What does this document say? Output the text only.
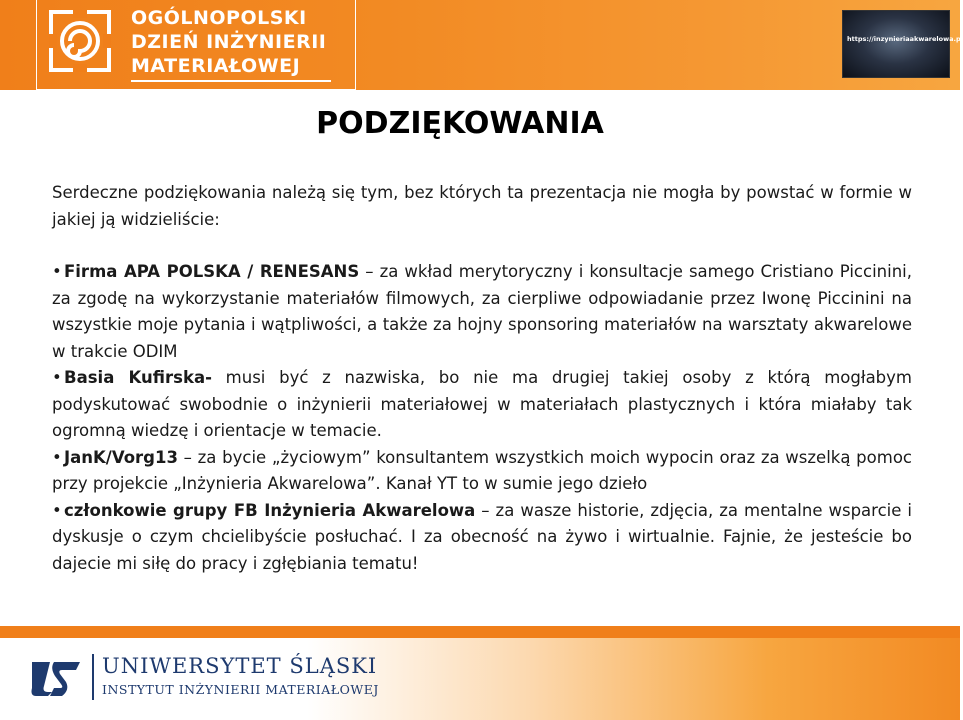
OGÓLNOPOLSKI
DZIEŃ INŻYNIERII
MATERIAŁOWEJ
https://inzynieriaakwarelowa.pl
PODZIĘKOWANIA

Serdeczne podziękowania należą się tym, bez których ta prezentacja nie mogła by powstać w formie w jakiej ją widzieliście:

• Firma APA POLSKA / RENESANS – za wkład merytoryczny i konsultacje samego Cristiano Piccinini, za zgodę na wykorzystanie materiałów filmowych, za cierpliwe odpowiadanie przez Iwonę Piccinini na wszystkie moje pytania i wątpliwości, a także za hojny sponsoring materiałów na warsztaty akwarelowe w trakcie ODIM
• Basia Kufirska- musi być z nazwiska, bo nie ma drugiej takiej osoby z którą mogłabym podyskutować swobodnie o inżynierii materiałowej w materiałach plastycznych i która miałaby tak ogromną wiedzę i orientacje w temacie.
• JanK/Vorg13 – za bycie „życiowym” konsultantem wszystkich moich wypocin oraz za wszelką pomoc przy projekcie „Inżynieria Akwarelowa”. Kanał YT to w sumie jego dzieło
• członkowie grupy FB Inżynieria Akwarelowa – za wasze historie, zdjęcia, za mentalne wsparcie i dyskusje o czym chcielibyście posłuchać. I za obecność na żywo i wirtualnie. Fajnie, że jesteście bo dajecie mi siłę do pracy i zgłębiania tematu!
UNIWERSYTET ŚLĄSKI
INSTYTUT INŻYNIERII MATERIAŁOWEJ
